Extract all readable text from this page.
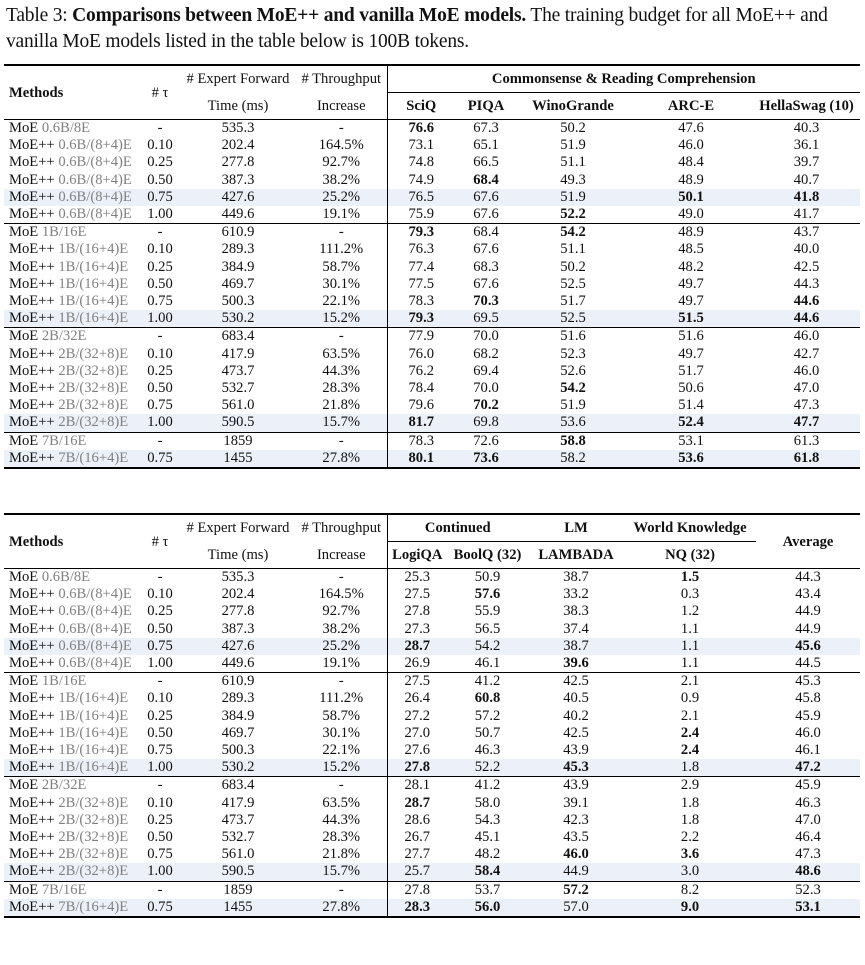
Table 3: Comparisons between MoE++ and vanilla MoE models. The training budget for all MoE++ and vanilla MoE models listed in the table below is 100B tokens.
Methods	# τ	# Expert Forward	# Throughput	Commonsense & Reading Comprehension				
		Time (ms)	Increase	SciQ	PIQA	WinoGrande	ARC-E	HellaSwag (10)
MoE 0.6B/8E	-	535.3	-	76.6	67.3	50.2	47.6	40.3
MoE++ 0.6B/(8+4)E	0.10	202.4	164.5%	73.1	65.1	51.9	46.0	36.1
MoE++ 0.6B/(8+4)E	0.25	277.8	92.7%	74.8	66.5	51.1	48.4	39.7
MoE++ 0.6B/(8+4)E	0.50	387.3	38.2%	74.9	68.4	49.3	48.9	40.7
MoE++ 0.6B/(8+4)E	0.75	427.6	25.2%	76.5	67.6	51.9	50.1	41.8
MoE++ 0.6B/(8+4)E	1.00	449.6	19.1%	75.9	67.6	52.2	49.0	41.7
MoE 1B/16E	-	610.9	-	79.3	68.4	54.2	48.9	43.7
MoE++ 1B/(16+4)E	0.10	289.3	111.2%	76.3	67.6	51.1	48.5	40.0
MoE++ 1B/(16+4)E	0.25	384.9	58.7%	77.4	68.3	50.2	48.2	42.5
MoE++ 1B/(16+4)E	0.50	469.7	30.1%	77.5	67.6	52.5	49.7	44.3
MoE++ 1B/(16+4)E	0.75	500.3	22.1%	78.3	70.3	51.7	49.7	44.6
MoE++ 1B/(16+4)E	1.00	530.2	15.2%	79.3	69.5	52.5	51.5	44.6
MoE 2B/32E	-	683.4	-	77.9	70.0	51.6	51.6	46.0
MoE++ 2B/(32+8)E	0.10	417.9	63.5%	76.0	68.2	52.3	49.7	42.7
MoE++ 2B/(32+8)E	0.25	473.7	44.3%	76.2	69.4	52.6	51.7	46.0
MoE++ 2B/(32+8)E	0.50	532.7	28.3%	78.4	70.0	54.2	50.6	47.0
MoE++ 2B/(32+8)E	0.75	561.0	21.8%	79.6	70.2	51.9	51.4	47.3
MoE++ 2B/(32+8)E	1.00	590.5	15.7%	81.7	69.8	53.6	52.4	47.7
MoE 7B/16E	-	1859	-	78.3	72.6	58.8	53.1	61.3
MoE++ 7B/(16+4)E	0.75	1455	27.8%	80.1	73.6	58.2	53.6	61.8
Methods	# τ	# Expert Forward	# Throughput	Continued		LM	World Knowledge	Average
		Time (ms)	Increase	LogiQA	BoolQ (32)	LAMBADA	NQ (32)	
MoE 0.6B/8E	-	535.3	-	25.3	50.9	38.7	1.5	44.3
MoE++ 0.6B/(8+4)E	0.10	202.4	164.5%	27.5	57.6	33.2	0.3	43.4
MoE++ 0.6B/(8+4)E	0.25	277.8	92.7%	27.8	55.9	38.3	1.2	44.9
MoE++ 0.6B/(8+4)E	0.50	387.3	38.2%	27.3	56.5	37.4	1.1	44.9
MoE++ 0.6B/(8+4)E	0.75	427.6	25.2%	28.7	54.2	38.7	1.1	45.6
MoE++ 0.6B/(8+4)E	1.00	449.6	19.1%	26.9	46.1	39.6	1.1	44.5
MoE 1B/16E	-	610.9	-	27.5	41.2	42.5	2.1	45.3
MoE++ 1B/(16+4)E	0.10	289.3	111.2%	26.4	60.8	40.5	0.9	45.8
MoE++ 1B/(16+4)E	0.25	384.9	58.7%	27.2	57.2	40.2	2.1	45.9
MoE++ 1B/(16+4)E	0.50	469.7	30.1%	27.0	50.7	42.5	2.4	46.0
MoE++ 1B/(16+4)E	0.75	500.3	22.1%	27.6	46.3	43.9	2.4	46.1
MoE++ 1B/(16+4)E	1.00	530.2	15.2%	27.8	52.2	45.3	1.8	47.2
MoE 2B/32E	-	683.4	-	28.1	41.2	43.9	2.9	45.9
MoE++ 2B/(32+8)E	0.10	417.9	63.5%	28.7	58.0	39.1	1.8	46.3
MoE++ 2B/(32+8)E	0.25	473.7	44.3%	28.6	54.3	42.3	1.8	47.0
MoE++ 2B/(32+8)E	0.50	532.7	28.3%	26.7	45.1	43.5	2.2	46.4
MoE++ 2B/(32+8)E	0.75	561.0	21.8%	27.7	48.2	46.0	3.6	47.3
MoE++ 2B/(32+8)E	1.00	590.5	15.7%	25.7	58.4	44.9	3.0	48.6
MoE 7B/16E	-	1859	-	27.8	53.7	57.2	8.2	52.3
MoE++ 7B/(16+4)E	0.75	1455	27.8%	28.3	56.0	57.0	9.0	53.1
